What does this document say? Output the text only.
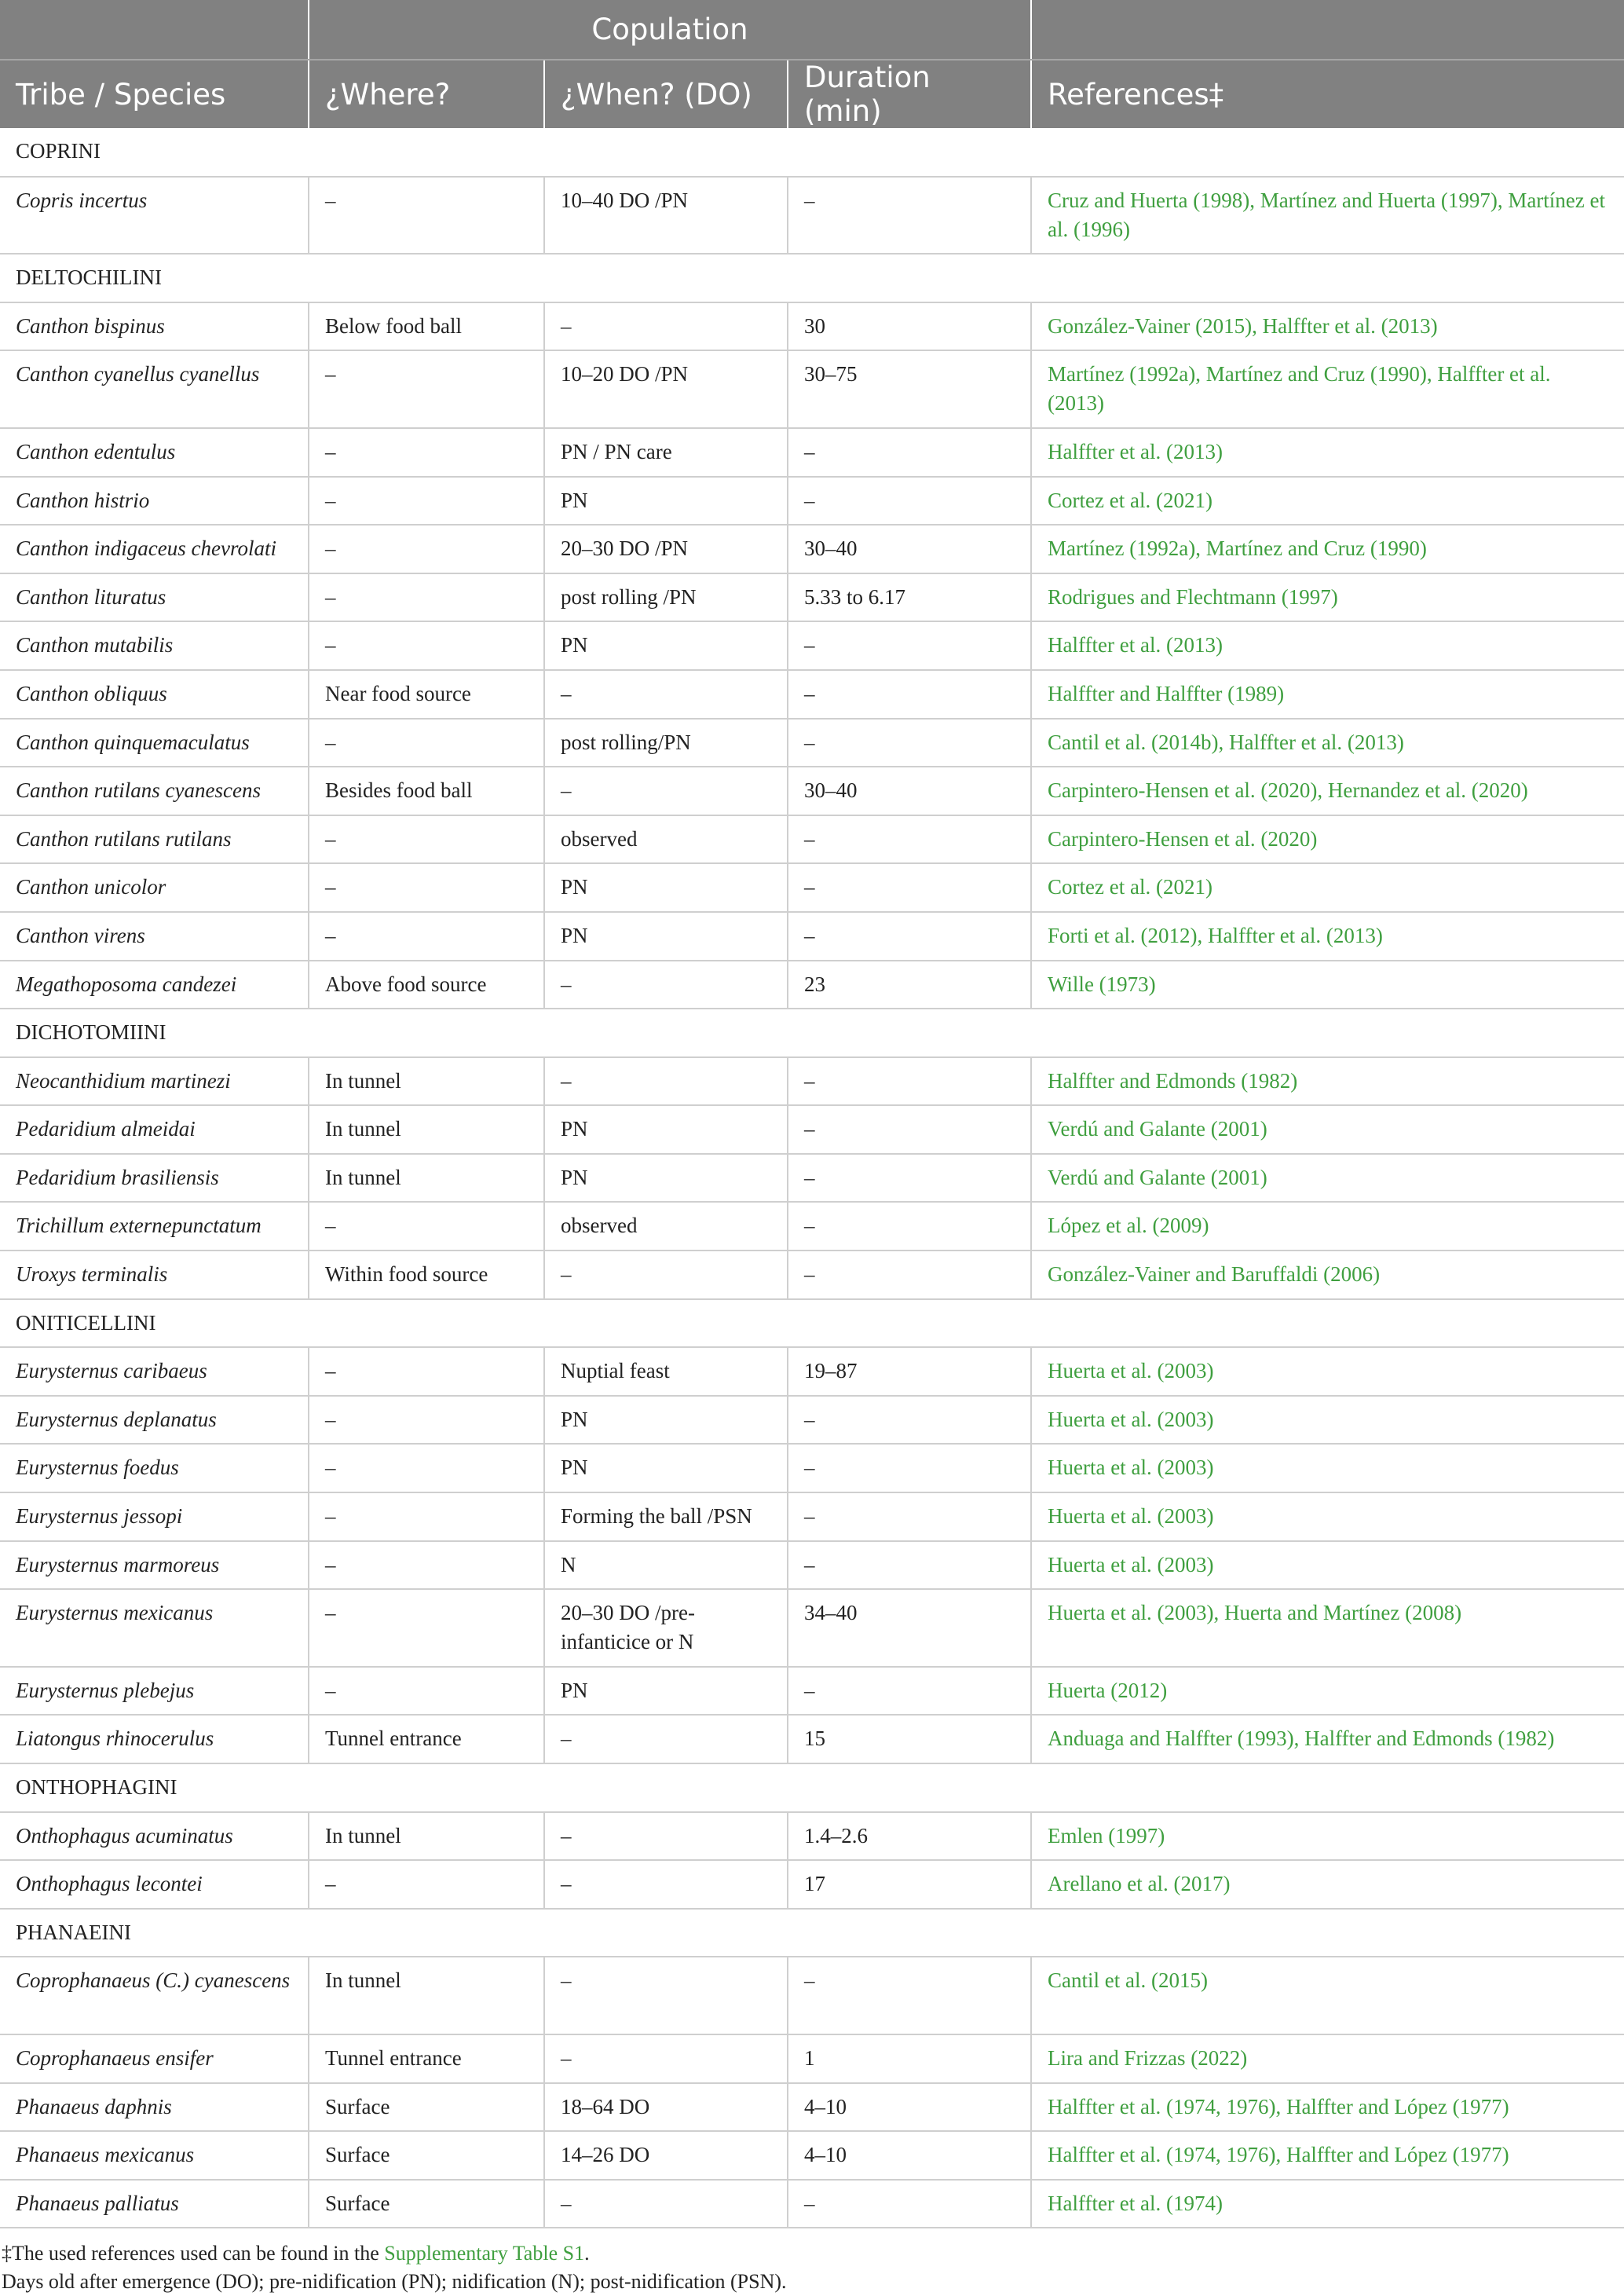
	Copulation			
Tribe / Species	¿Where?	¿When? (DO)	Duration (min)	References‡
COPRINI				
Copris incertus	–	10–40 DO /PN	–	Cruz and Huerta (1998), Martínez and Huerta (1997), Martínez et al. (1996)
DELTOCHILINI				
Canthon bispinus	Below food ball	–	30	González-Vainer (2015), Halffter et al. (2013)
Canthon cyanellus cyanellus	–	10–20 DO /PN	30–75	Martínez (1992a), Martínez and Cruz (1990), Halffter et al. (2013)
Canthon edentulus	–	PN / PN care	–	Halffter et al. (2013)
Canthon histrio	–	PN	–	Cortez et al. (2021)
Canthon indigaceus chevrolati	–	20–30 DO /PN	30–40	Martínez (1992a), Martínez and Cruz (1990)
Canthon lituratus	–	post rolling /PN	5.33 to 6.17	Rodrigues and Flechtmann (1997)
Canthon mutabilis	–	PN	–	Halffter et al. (2013)
Canthon obliquus	Near food source	–	–	Halffter and Halffter (1989)
Canthon quinquemaculatus	–	post rolling/PN	–	Cantil et al. (2014b), Halffter et al. (2013)
Canthon rutilans cyanescens	Besides food ball	–	30–40	Carpintero-Hensen et al. (2020), Hernandez et al. (2020)
Canthon rutilans rutilans	–	observed	–	Carpintero-Hensen et al. (2020)
Canthon unicolor	–	PN	–	Cortez et al. (2021)
Canthon virens	–	PN	–	Forti et al. (2012), Halffter et al. (2013)
Megathoposoma candezei	Above food source	–	23	Wille (1973)
DICHOTOMIINI				
Neocanthidium martinezi	In tunnel	–	–	Halffter and Edmonds (1982)
Pedaridium almeidai	In tunnel	PN	–	Verdú and Galante (2001)
Pedaridium brasiliensis	In tunnel	PN	–	Verdú and Galante (2001)
Trichillum externepunctatum	–	observed	–	López et al. (2009)
Uroxys terminalis	Within food source	–	–	González-Vainer and Baruffaldi (2006)
ONITICELLINI				
Eurysternus caribaeus	–	Nuptial feast	19–87	Huerta et al. (2003)
Eurysternus deplanatus	–	PN	–	Huerta et al. (2003)
Eurysternus foedus	–	PN	–	Huerta et al. (2003)
Eurysternus jessopi	–	Forming the ball /PSN	–	Huerta et al. (2003)
Eurysternus marmoreus	–	N	–	Huerta et al. (2003)
Eurysternus mexicanus	–	20–30 DO /pre-infanticice or N	34–40	Huerta et al. (2003), Huerta and Martínez (2008)
Eurysternus plebejus	–	PN	–	Huerta (2012)
Liatongus rhinocerulus	Tunnel entrance	–	15	Anduaga and Halffter (1993), Halffter and Edmonds (1982)
ONTHOPHAGINI				
Onthophagus acuminatus	In tunnel	–	1.4–2.6	Emlen (1997)
Onthophagus lecontei	–	–	17	Arellano et al. (2017)
PHANAEINI				
Coprophanaeus (C.) cyanescens	In tunnel	–	–	Cantil et al. (2015)
Coprophanaeus ensifer	Tunnel entrance	–	1	Lira and Frizzas (2022)
Phanaeus daphnis	Surface	18–64 DO	4–10	Halffter et al. (1974, 1976), Halffter and López (1977)
Phanaeus mexicanus	Surface	14–26 DO	4–10	Halffter et al. (1974, 1976), Halffter and López (1977)
Phanaeus palliatus	Surface	–	–	Halffter et al. (1974)
‡The used references used can be found in the Supplementary Table S1.
Days old after emergence (DO); pre-nidification (PN); nidification (N); post-nidification (PSN).
